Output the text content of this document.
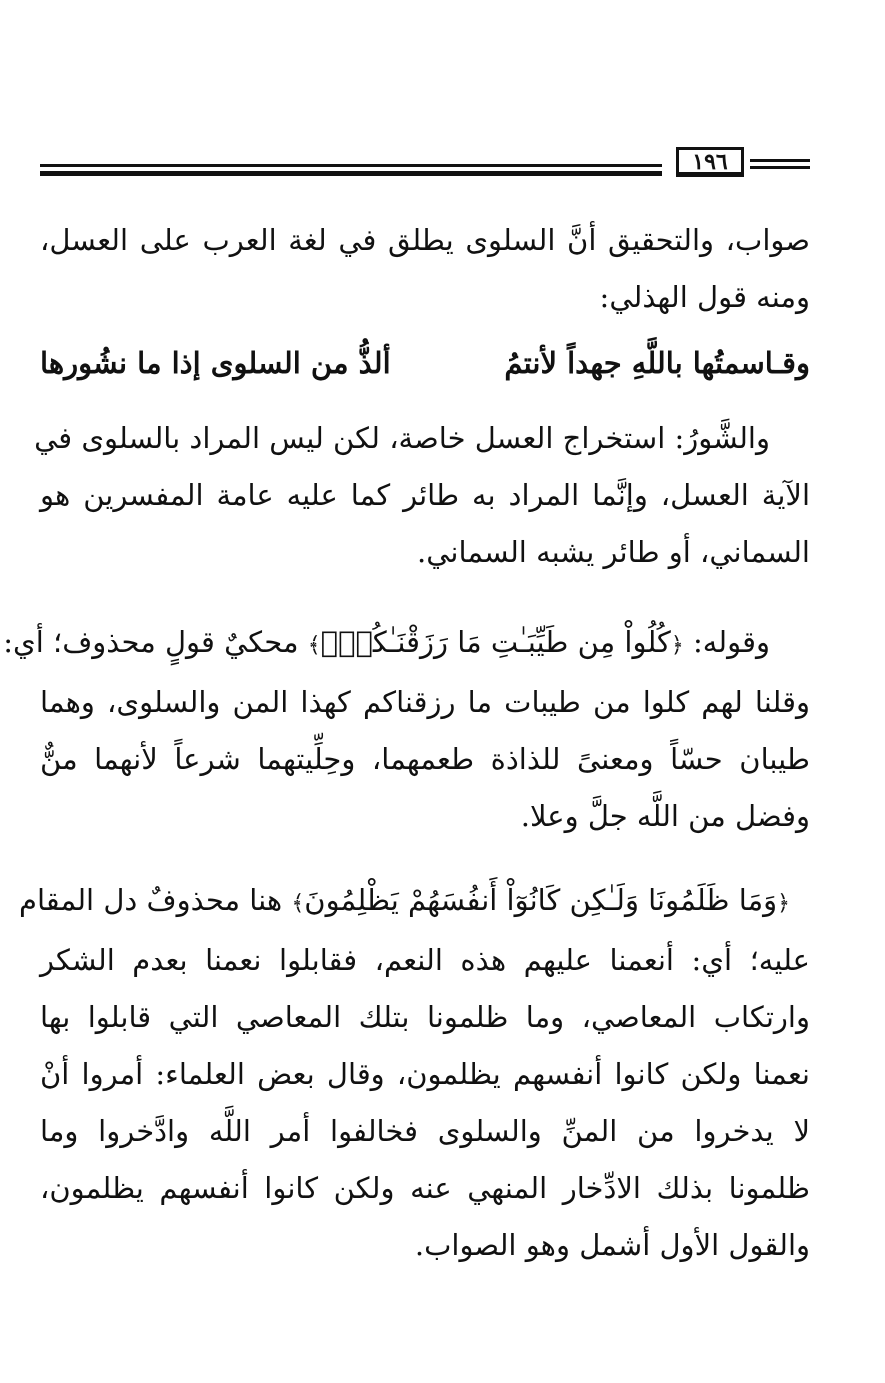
١٩٦
صواب، والتحقيق أنَّ السلوى يطلق في لغة العرب على العسل،
ومنه قول الهذلي:
وقـاسمتُها باللَّهِ جهداً لأنتمُ
ألذُّ من السلوى إذا ما نشُورها
والشَّورُ: استخراج العسل خاصة، لكن ليس المراد بالسلوى في
الآية العسل، وإنَّما المراد به طائر كما عليه عامة المفسرين هو
السماني، أو طائر يشبه السماني.
وقوله: ﴿كُلُواْ مِن طَيِّبَـٰتِ مَا رَزَقْنَـٰكُمْۚ﴾ محكيٌ قولٍ محذوف؛ أي:
وقلنا لهم كلوا من طيبات ما رزقناكم كهذا المن والسلوى، وهما
طيبان حسّاً ومعنىً للذاذة طعمهما، وحِلِّيتهما شرعاً لأنهما منٌّ
وفضل من اللَّه جلَّ وعلا.
﴿وَمَا ظَلَمُونَا وَلَـٰكِن كَانُوٓاْ أَنفُسَهُمْ يَظْلِمُونَ﴾ هنا محذوفٌ دل المقام
عليه؛ أي: أنعمنا عليهم هذه النعم، فقابلوا نعمنا بعدم الشكر
وارتكاب المعاصي، وما ظلمونا بتلك المعاصي التي قابلوا بها
نعمنا ولكن كانوا أنفسهم يظلمون، وقال بعض العلماء: أمروا أنْ
لا يدخروا من المنِّ والسلوى فخالفوا أمر اللَّه وادَّخروا وما
ظلمونا بذلك الادِّخار المنهي عنه ولكن كانوا أنفسهم يظلمون،
والقول الأول أشمل وهو الصواب.
